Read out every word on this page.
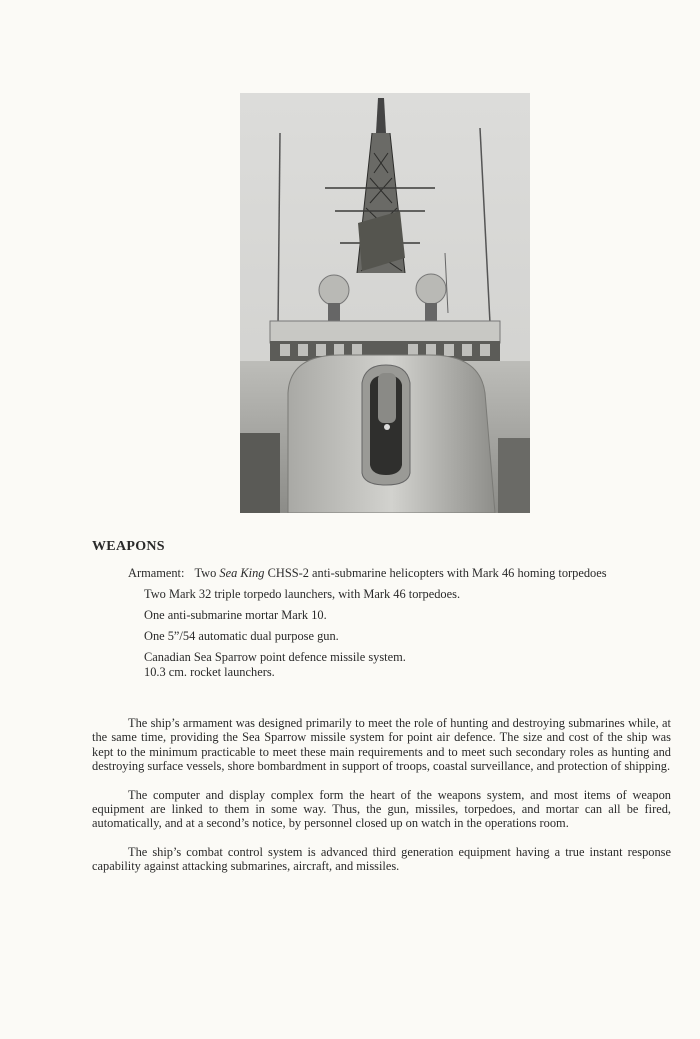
WEAPONS

Armament: Two Sea King CHSS-2 anti-submarine helicopters with Mark 46 homing torpedoes

Two Mark 32 triple torpedo launchers, with Mark 46 torpedoes.

One anti-submarine mortar Mark 10.

One 5”/54 automatic dual purpose gun.

Canadian Sea Sparrow point defence missile system.
10.3 cm. rocket launchers.

The ship’s armament was designed primarily to meet the role of hunting and destroying submarines while, at the same time, providing the Sea Sparrow missile system for point air defence. The size and cost of the ship was kept to the minimum practicable to meet these main requirements and to meet such secondary roles as hunting and destroying surface vessels, shore bombardment in support of troops, coastal surveillance, and protection of shipping.

The computer and display complex form the heart of the weapons system, and most items of weapon equipment are linked to them in some way. Thus, the gun, missiles, torpedoes, and mortar can all be fired, automatically, and at a second’s notice, by personnel closed up on watch in the operations room.

The ship’s combat control system is advanced third generation equipment having a true instant response capability against attacking submarines, aircraft, and missiles.
